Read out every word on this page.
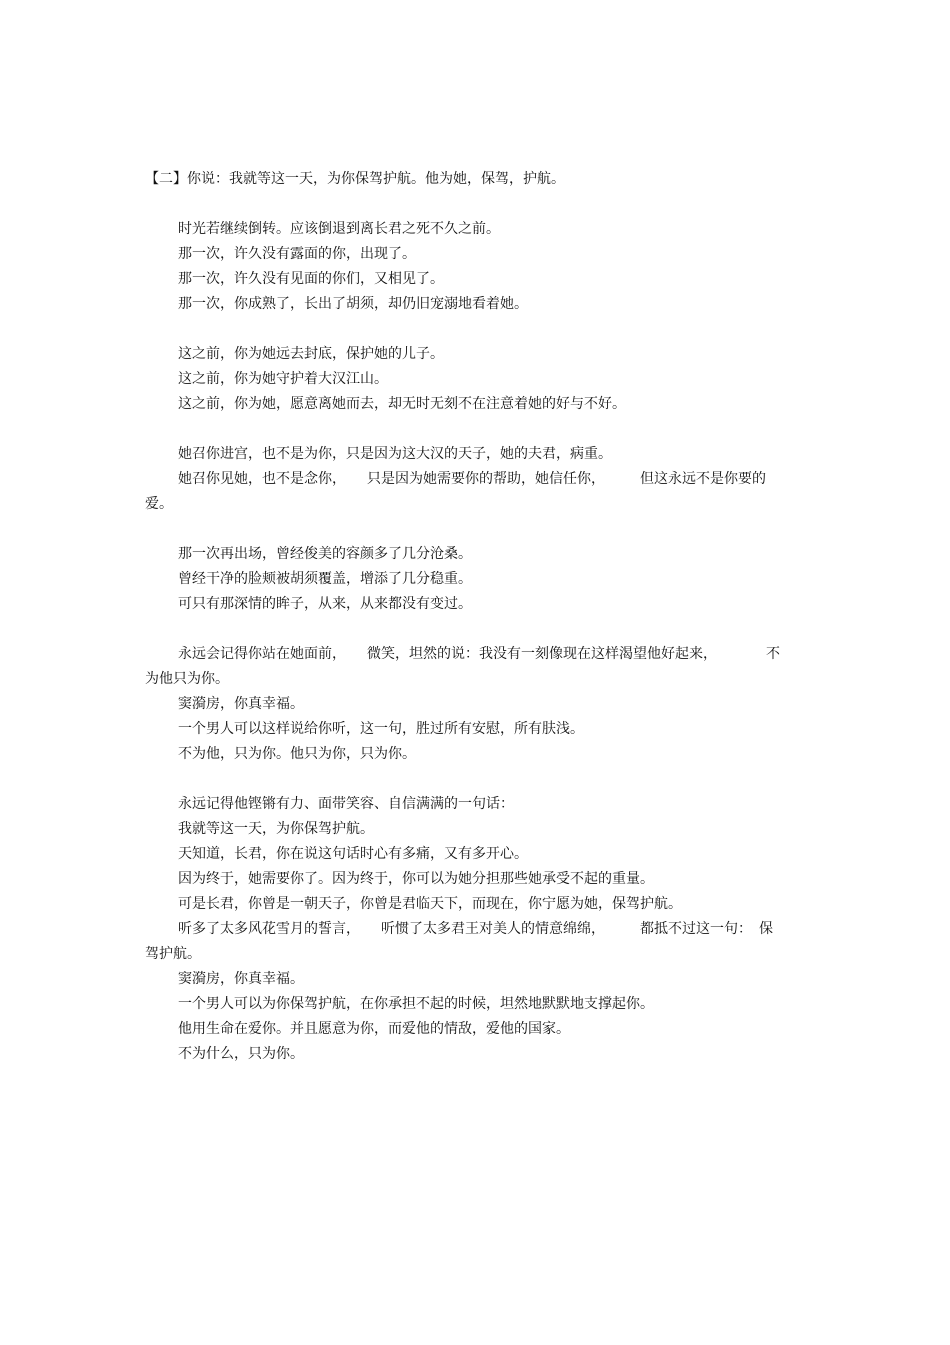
【二】你说：我就等这一天，为你保驾护航。他为她，保驾，护航。
时光若继续倒转。应该倒退到离长君之死不久之前。
那一次，许久没有露面的你，出现了。
那一次，许久没有见面的你们，又相见了。
那一次，你成熟了，长出了胡须，却仍旧宠溺地看着她。
这之前，你为她远去封底，保护她的儿子。
这之前，你为她守护着大汉江山。
这之前，你为她，愿意离她而去，却无时无刻不在注意着她的好与不好。
她召你进宫，也不是为你，只是因为这大汉的天子，她的夫君，病重。
她召你见她，也不是念你，　　只是因为她需要你的帮助，她信任你，　　　但这永远不是你要的
爱。
那一次再出场，曾经俊美的容颜多了几分沧桑。
曾经干净的脸颊被胡须覆盖，增添了几分稳重。
可只有那深情的眸子，从来，从来都没有变过。
永远会记得你站在她面前，　　微笑，坦然的说：我没有一刻像现在这样渴望他好起来，　　　　不
为他只为你。
窦漪房，你真幸福。
一个男人可以这样说给你听，这一句，胜过所有安慰，所有肤浅。
不为他，只为你。他只为你，只为你。
永远记得他铿锵有力、面带笑容、自信满满的一句话：
我就等这一天，为你保驾护航。
天知道，长君，你在说这句话时心有多痛，又有多开心。
因为终于，她需要你了。因为终于，你可以为她分担那些她承受不起的重量。
可是长君，你曾是一朝天子，你曾是君临天下，而现在，你宁愿为她，保驾护航。
听多了太多风花雪月的誓言，　　听惯了太多君王对美人的情意绵绵，　　　都抵不过这一句：　保
驾护航。
窦漪房，你真幸福。
一个男人可以为你保驾护航，在你承担不起的时候，坦然地默默地支撑起你。
他用生命在爱你。并且愿意为你，而爱他的情敌，爱他的国家。
不为什么，只为你。
